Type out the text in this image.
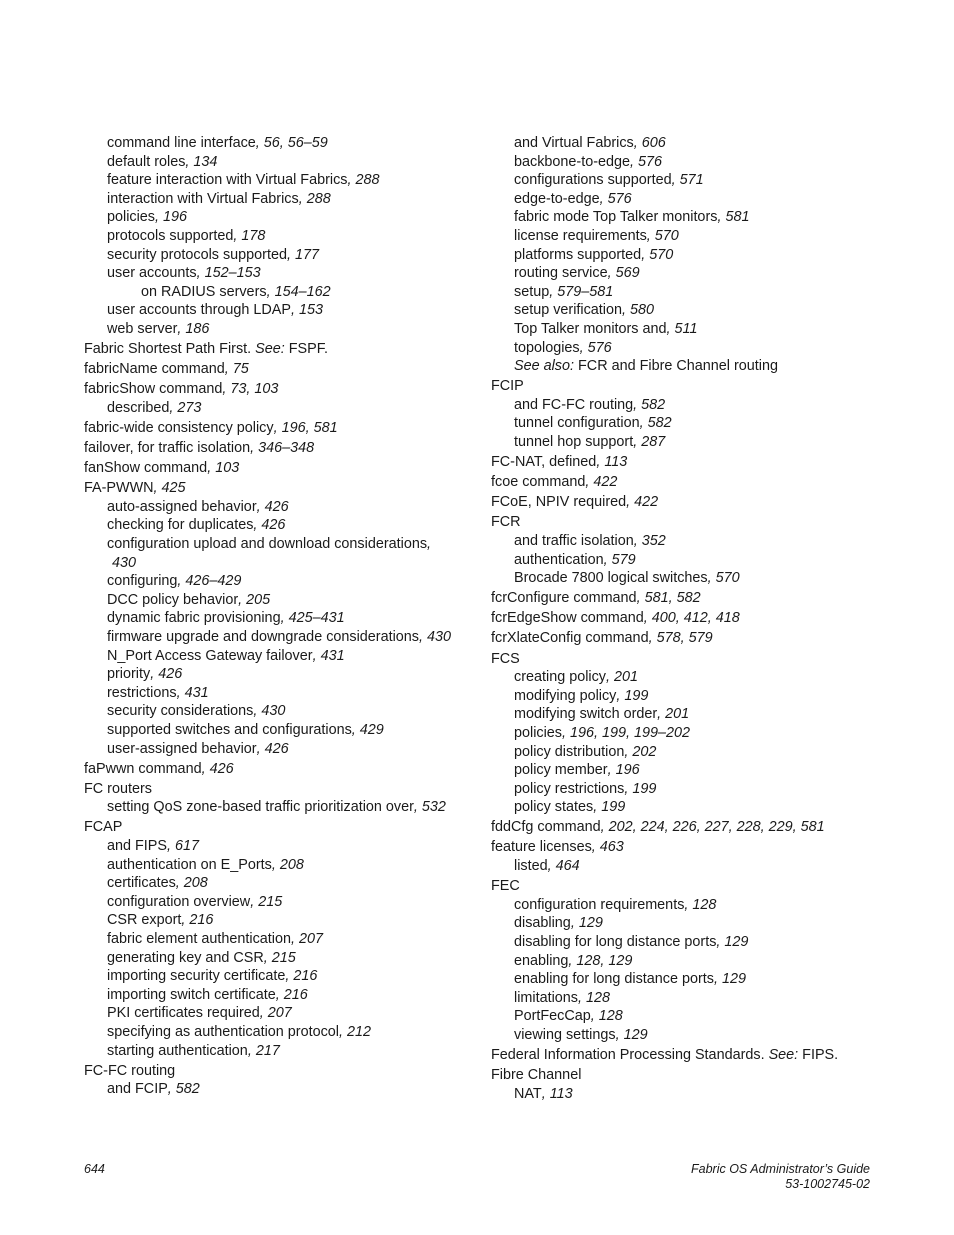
command line interface, 56, 56–59
default roles, 134
feature interaction with Virtual Fabrics, 288
interaction with Virtual Fabrics, 288
policies, 196
protocols supported, 178
security protocols supported, 177
user accounts, 152–153
on RADIUS servers, 154–162
user accounts through LDAP, 153
web server, 186
Fabric Shortest Path First. See: FSPF.
fabricName command, 75
fabricShow command, 73, 103
described, 273
fabric-wide consistency policy, 196, 581
failover, for traffic isolation, 346–348
fanShow command, 103
FA-PWWN, 425
auto-assigned behavior, 426
checking for duplicates, 426
configuration upload and download considerations,
430
configuring, 426–429
DCC policy behavior, 205
dynamic fabric provisioning, 425–431
firmware upgrade and downgrade considerations, 430
N_Port Access Gateway failover, 431
priority, 426
restrictions, 431
security considerations, 430
supported switches and configurations, 429
user-assigned behavior, 426
faPwwn command, 426
FC routers
setting QoS zone-based traffic prioritization over, 532
FCAP
and FIPS, 617
authentication on E_Ports, 208
certificates, 208
configuration overview, 215
CSR export, 216
fabric element authentication, 207
generating key and CSR, 215
importing security certificate, 216
importing switch certificate, 216
PKI certificates required, 207
specifying as authentication protocol, 212
starting authentication, 217
FC-FC routing
and FCIP, 582
and Virtual Fabrics, 606
backbone-to-edge, 576
configurations supported, 571
edge-to-edge, 576
fabric mode Top Talker monitors, 581
license requirements, 570
platforms supported, 570
routing service, 569
setup, 579–581
setup verification, 580
Top Talker monitors and, 511
topologies, 576
See also: FCR and Fibre Channel routing
FCIP
and FC-FC routing, 582
tunnel configuration, 582
tunnel hop support, 287
FC-NAT, defined, 113
fcoe command, 422
FCoE, NPIV required, 422
FCR
and traffic isolation, 352
authentication, 579
Brocade 7800 logical switches, 570
fcrConfigure command, 581, 582
fcrEdgeShow command, 400, 412, 418
fcrXlateConfig command, 578, 579
FCS
creating policy, 201
modifying policy, 199
modifying switch order, 201
policies, 196, 199, 199–202
policy distribution, 202
policy member, 196
policy restrictions, 199
policy states, 199
fddCfg command, 202, 224, 226, 227, 228, 229, 581
feature licenses, 463
listed, 464
FEC
configuration requirements, 128
disabling, 129
disabling for long distance ports, 129
enabling, 128, 129
enabling for long distance ports, 129
limitations, 128
PortFecCap, 128
viewing settings, 129
Federal Information Processing Standards. See: FIPS.
Fibre Channel
NAT, 113
644	Fabric OS Administrator’s Guide
53-1002745-02
